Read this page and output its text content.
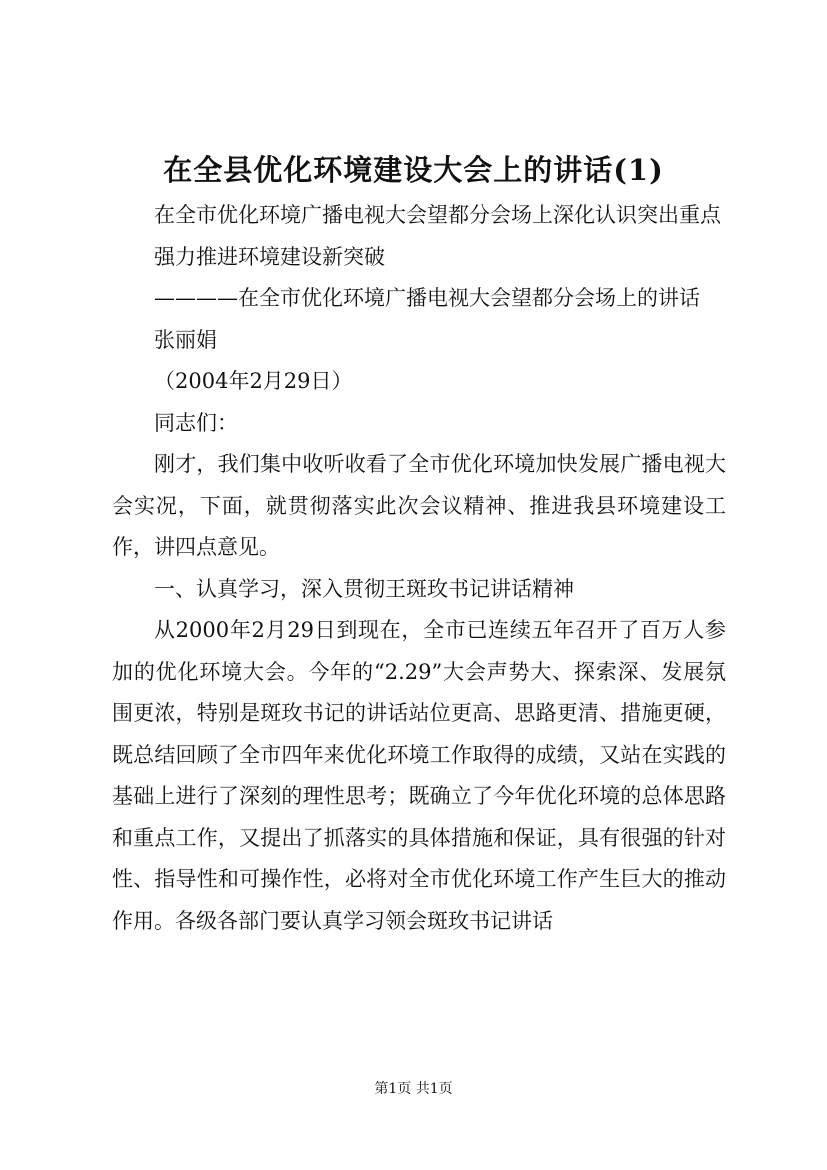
在全县优化环境建设大会上的讲话(1)

在全市优化环境广播电视大会望都分会场上深化认识突出重点

强力推进环境建设新突破

————在全市优化环境广播电视大会望都分会场上的讲话

张丽娟

（2004年2月29日）

同志们：

刚才，我们集中收听收看了全市优化环境加快发展广播电视大会实况，下面，就贯彻落实此次会议精神、推进我县环境建设工作，讲四点意见。

一、认真学习，深入贯彻王斑玫书记讲话精神

从2000年2月29日到现在，全市已连续五年召开了百万人参加的优化环境大会。今年的“2.29”大会声势大、探索深、发展氛围更浓，特别是斑玫书记的讲话站位更高、思路更清、措施更硬，既总结回顾了全市四年来优化环境工作取得的成绩，又站在实践的基础上进行了深刻的理性思考；既确立了今年优化环境的总体思路和重点工作，又提出了抓落实的具体措施和保证，具有很强的针对性、指导性和可操作性，必将对全市优化环境工作产生巨大的推动作用。各级各部门要认真学习领会斑玫书记讲话

第1页 共1页
